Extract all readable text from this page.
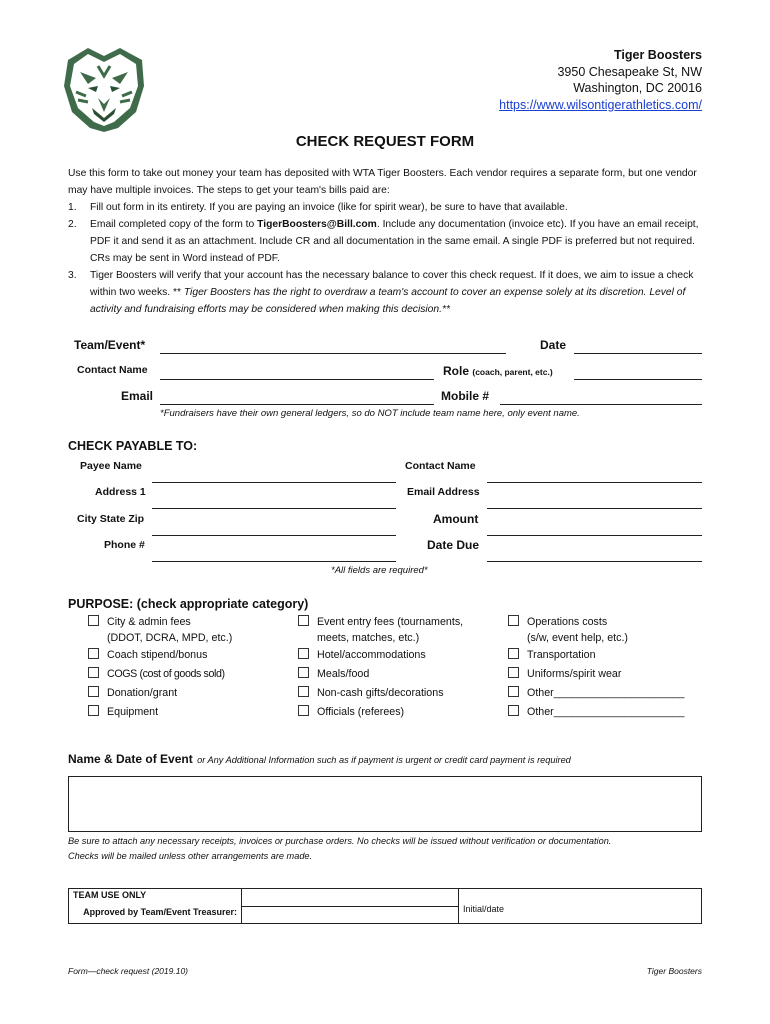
Tiger Boosters
3950 Chesapeake St, NW
Washington, DC 20016
https://www.wilsontigerathletics.com/
CHECK REQUEST FORM

Use this form to take out money your team has deposited with WTA Tiger Boosters. Each vendor requires a separate form, but one vendor may have multiple invoices. The steps to get your team's bills paid are:

1. Fill out form in its entirety. If you are paying an invoice (like for spirit wear), be sure to have that available.
2. Email completed copy of the form to TigerBoosters@Bill.com. Include any documentation (invoice etc). If you have an email receipt, PDF it and send it as an attachment. Include CR and all documentation in the same email. A single PDF is preferred but not required. CRs may be sent in Word instead of PDF.
3. Tiger Boosters will verify that your account has the necessary balance to cover this check request. If it does, we aim to issue a check within two weeks. ** Tiger Boosters has the right to overdraw a team's account to cover an expense solely at its discretion. Level of activity and fundraising efforts may be considered when making this decision.**
Team/Event*	Date
Contact Name	Role (coach, parent, etc.)
Email	Mobile #
*Fundraisers have their own general ledgers, so do NOT include team name here, only event name.
CHECK PAYABLE TO:
Payee Name	Contact Name
Address 1	Email Address
City State Zip	Amount
Phone #	Date Due
*All fields are required*
PURPOSE: (check appropriate category)
City & admin fees
(DDOT, DCRA, MPD, etc.)
Coach stipend/bonus
COGS (cost of goods sold)
Donation/grant
Equipment
Event entry fees (tournaments,
meets, matches, etc.)
Hotel/accommodations
Meals/food
Non-cash gifts/decorations
Officials (referees)
Operations costs
(s/w, event help, etc.)
Transportation
Uniforms/spirit wear
Other______________________
Other______________________
Name & Date of Event or Any Additional Information such as if payment is urgent or credit card payment is required
Be sure to attach any necessary receipts, invoices or purchase orders. No checks will be issued without verification or documentation.
Checks will be mailed unless other arrangements are made.
TEAM USE ONLY		Initial/date
Approved by Team/Event Treasurer:		
Form—check request (2019.10)	Tiger Boosters
